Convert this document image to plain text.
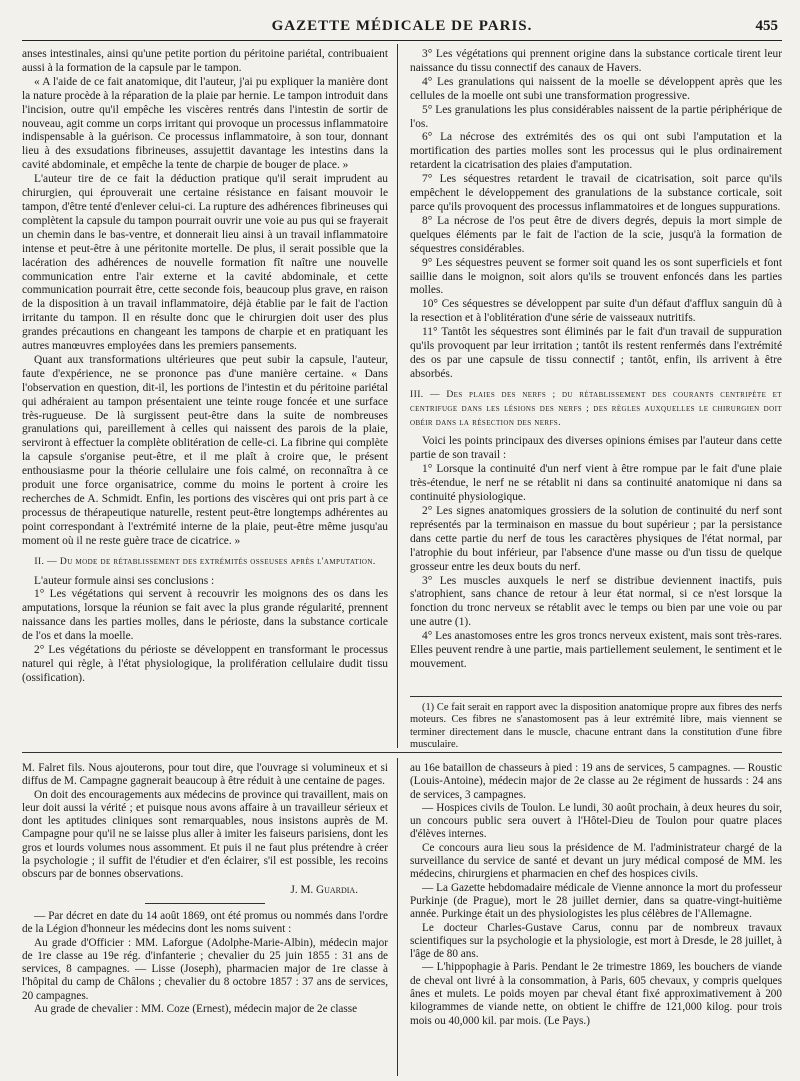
GAZETTE MÉDICALE DE PARIS.	455

anses intestinales, ainsi qu'une petite portion du péritoine pariétal, contribuaient aussi à la formation de la capsule par le tampon.

« A l'aide de ce fait anatomique, dit l'auteur, j'ai pu expliquer la manière dont la nature procède à la réparation de la plaie par hernie. Le tampon introduit dans l'incision, outre qu'il empêche les viscères rentrés dans l'intestin de sortir de nouveau, agit comme un corps irritant qui provoque un processus inflammatoire indispensable à la guérison. Ce processus inflammatoire, à son tour, donnant lieu à des exsudations fibrineuses, assujettit davantage les intestins dans la cavité abdominale, et empêche la tente de charpie de bouger de place. »

L'auteur tire de ce fait la déduction pratique qu'il serait imprudent au chirurgien, qui éprouverait une certaine résistance en faisant mouvoir le tampon, d'être tenté d'enlever celui-ci. La rupture des adhérences fibrineuses qui complètent la capsule du tampon pourrait ouvrir une voie au pus qui se frayerait un chemin dans le bas-ventre, et donnerait lieu ainsi à un travail inflammatoire intense et peut-être à une péritonite mortelle. De plus, il serait possible que la lacération des adhérences de nouvelle formation fît naître une nouvelle communication entre l'air externe et la cavité abdominale, et cette communication pourrait être, cette seconde fois, beaucoup plus grave, en raison de la disposition à un travail inflammatoire, déjà établie par le fait de l'action irritante du tampon. Il en résulte donc que le chirurgien doit user des plus grandes précautions en changeant les tampons de charpie et en pratiquant les autres manœuvres employées dans les premiers pansements.

Quant aux transformations ultérieures que peut subir la capsule, l'auteur, faute d'expérience, ne se prononce pas d'une manière certaine. « Dans l'observation en question, dit-il, les portions de l'intestin et du péritoine pariétal qui adhéraient au tampon présentaient une teinte rouge foncée et une surface très-rugueuse. De là surgissent peut-être dans la suite de nombreuses granulations qui, pareillement à celles qui naissent des parois de la plaie, serviront à effectuer la complète oblitération de celle-ci. La fibrine qui complète la capsule s'organise peut-être, et il me plaît à croire que, le présent enthousiasme pour la théorie cellulaire une fois calmé, on reconnaîtra à ce produit une force organisatrice, comme du moins le portent à croire les recherches de A. Schmidt. Enfin, les portions des viscères qui ont pris part à ce processus de thérapeutique naturelle, restent peut-être longtemps adhérentes au point correspondant à l'extrémité interne de la plaie, peut-être même jusqu'au moment où il ne reste guère trace de cicatrice. »

II. — Du mode de rétablissement des extrémités osseuses après l'amputation.

L'auteur formule ainsi ses conclusions :

1° Les végétations qui servent à recouvrir les moignons des os dans les amputations, lorsque la réunion se fait avec la plus grande régularité, prennent naissance dans les parties molles, dans le périoste, dans la substance corticale de l'os et dans la moelle.

2° Les végétations du périoste se développent en transformant le processus naturel qui règle, à l'état physiologique, la prolifération cellulaire dudit tissu (ossification).

3° Les végétations qui prennent origine dans la substance corticale tirent leur naissance du tissu connectif des canaux de Havers.

4° Les granulations qui naissent de la moelle se développent après que les cellules de la moelle ont subi une transformation progressive.

5° Les granulations les plus considérables naissent de la partie périphérique de l'os.

6° La nécrose des extrémités des os qui ont subi l'amputation et la mortification des parties molles sont les processus qui le plus ordinairement retardent la cicatrisation des plaies d'amputation.

7° Les séquestres retardent le travail de cicatrisation, soit parce qu'ils empêchent le développement des granulations de la substance corticale, soit parce qu'ils provoquent des processus inflammatoires et de longues suppurations.

8° La nécrose de l'os peut être de divers degrés, depuis la mort simple de quelques éléments par le fait de l'action de la scie, jusqu'à la formation de séquestres considérables.

9° Les séquestres peuvent se former soit quand les os sont superficiels et font saillie dans le moignon, soit alors qu'ils se trouvent enfoncés dans les parties molles.

10° Ces séquestres se développent par suite d'un défaut d'afflux sanguin dû à la resection et à l'oblitération d'une série de vaisseaux nutritifs.

11° Tantôt les séquestres sont éliminés par le fait d'un travail de suppuration qu'ils provoquent par leur irritation ; tantôt ils restent renfermés dans l'extrémité des os par une capsule de tissu connectif ; tantôt, enfin, ils arrivent à être absorbés.

III. — Des plaies des nerfs ; du rétablissement des courants centripète et centrifuge dans les lésions des nerfs ; des règles auxquelles le chirurgien doit obéir dans la résection des nerfs.

Voici les points principaux des diverses opinions émises par l'auteur dans cette partie de son travail :

1° Lorsque la continuité d'un nerf vient à être rompue par le fait d'une plaie très-étendue, le nerf ne se rétablit ni dans sa continuité anatomique ni dans sa continuité physiologique.

2° Les signes anatomiques grossiers de la solution de continuité du nerf sont représentés par la terminaison en massue du bout supérieur ; par la persistance dans cette partie du nerf de tous les caractères physiques de l'état normal, par l'atrophie du bout inférieur, par l'absence d'une masse ou d'un tissu de quelque grosseur entre les deux bouts du nerf.

3° Les muscles auxquels le nerf se distribue deviennent inactifs, puis s'atrophient, sans chance de retour à leur état normal, si ce n'est lorsque la fonction du tronc nerveux se rétablit avec le temps ou bien par une voie ou par une autre (1).

4° Les anastomoses entre les gros troncs nerveux existent, mais sont très-rares. Elles peuvent rendre à une partie, mais partiellement seulement, le sentiment et le mouvement.

(1) Ce fait serait en rapport avec la disposition anatomique propre aux fibres des nerfs moteurs. Ces fibres ne s'anastomosent pas à leur extrémité libre, mais viennent se terminer directement dans le muscle, chacune entrant dans la constitution d'une fibre musculaire.

M. Falret fils. Nous ajouterons, pour tout dire, que l'ouvrage si volumineux et si diffus de M. Campagne gagnerait beaucoup à être réduit à une centaine de pages.

On doit des encouragements aux médecins de province qui travaillent, mais on leur doit aussi la vérité ; et puisque nous avons affaire à un travailleur sérieux et dont les aptitudes cliniques sont remarquables, nous insistons auprès de M. Campagne pour qu'il ne se laisse plus aller à imiter les faiseurs parisiens, dont les gros et lourds volumes nous assomment. Et puis il ne faut plus prétendre à créer la psychologie ; il suffit de l'étudier et d'en éclairer, s'il est possible, les recoins obscurs par de bonnes observations.

J. M. Guardia.

— Par décret en date du 14 août 1869, ont été promus ou nommés dans l'ordre de la Légion d'honneur les médecins dont les noms suivent :

Au grade d'Officier : MM. Laforgue (Adolphe-Marie-Albin), médecin major de 1re classe au 19e rég. d'infanterie ; chevalier du 25 juin 1855 : 31 ans de services, 8 campagnes. — Lisse (Joseph), pharmacien major de 1re classe à l'hôpital du camp de Châlons ; chevalier du 8 octobre 1857 : 37 ans de services, 20 campagnes.

Au grade de chevalier : MM. Coze (Ernest), médecin major de 2e classe

au 16e bataillon de chasseurs à pied : 19 ans de services, 5 campagnes. — Roustic (Louis-Antoine), médecin major de 2e classe au 2e régiment de hussards : 24 ans de services, 3 campagnes.

— Hospices civils de Toulon. Le lundi, 30 août prochain, à deux heures du soir, un concours public sera ouvert à l'Hôtel-Dieu de Toulon pour quatre places d'élèves internes.

Ce concours aura lieu sous la présidence de M. l'administrateur chargé de la surveillance du service de santé et devant un jury médical composé de MM. les médecins, chirurgiens et pharmacien en chef des hospices civils.

— La Gazette hebdomadaire médicale de Vienne annonce la mort du professeur Purkinje (de Prague), mort le 28 juillet dernier, dans sa quatre-vingt-huitième année. Purkinge était un des physiologistes les plus célèbres de l'Allemagne.

Le docteur Charles-Gustave Carus, connu par de nombreux travaux scientifiques sur la psychologie et la physiologie, est mort à Dresde, le 28 juillet, à l'âge de 80 ans.

— L'hippophagie à Paris. Pendant le 2e trimestre 1869, les bouchers de viande de cheval ont livré à la consommation, à Paris, 605 chevaux, y compris quelques ânes et mulets. Le poids moyen par cheval étant fixé approximativement à 200 kilogrammes de viande nette, on obtient le chiffre de 121,000 kilog. pour trois mois ou 40,000 kil. par mois. (Le Pays.)
